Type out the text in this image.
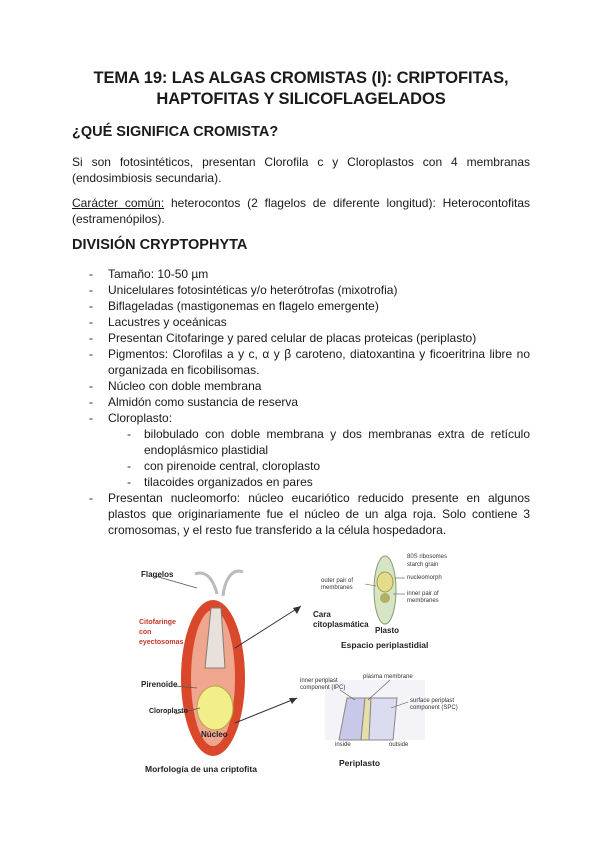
TEMA 19: LAS ALGAS CROMISTAS (I): CRIPTOFITAS, HAPTOFITAS Y SILICOFLAGELADOS
¿QUÉ SIGNIFICA CROMISTA?

Si son fotosintéticos, presentan Clorofila c y Cloroplastos con 4 membranas (endosimbiosis secundaria).

Carácter común: heterocontos (2 flagelos de diferente longitud): Heterocontofitas (estramenópilos).

DIVISIÓN CRYPTOPHYTA
- Tamaño: 10-50 µm
- Unicelulares fotosintéticas y/o heterótrofas (mixotrofia)
- Biflageladas (mastigonemas en flagelo emergente)
- Lacustres y oceánicas
- Presentan Citofaringe y pared celular de placas proteicas (periplasto)
- Pigmentos: Clorofilas a y c, α y β caroteno, diatoxantina y ficoeritrina libre no organizada en ficobilisomas.
- Núcleo con doble membrana
- Almidón como sustancia de reserva
- Cloroplasto:
- bilobulado con doble membrana y dos membranas extra de retículo endoplásmico plastidial
- con pirenoide central, cloroplasto
- tilacoides organizados en pares
- Presentan nucleomorfo: núcleo eucariótico reducido presente en algunos plastos que originariamente fue el núcleo de un alga roja. Solo contiene 3 cromosomas, y el resto fue transferido a la célula hospedadora.
Flagelos
Citofaringe con eyectosomas
Pirenoide
Cloroplasto
Núcleo
Cara citoplasmática
80S ribosomes
starch grain
outer pair of membranes
nucleomorph
inner pair of membranes
Plasto
Espacio periplastidial
inner periplast component (IPC)
plasma membrane
surface periplast component (SPC)
inside	outside
Periplasto
Morfología de una criptofita
